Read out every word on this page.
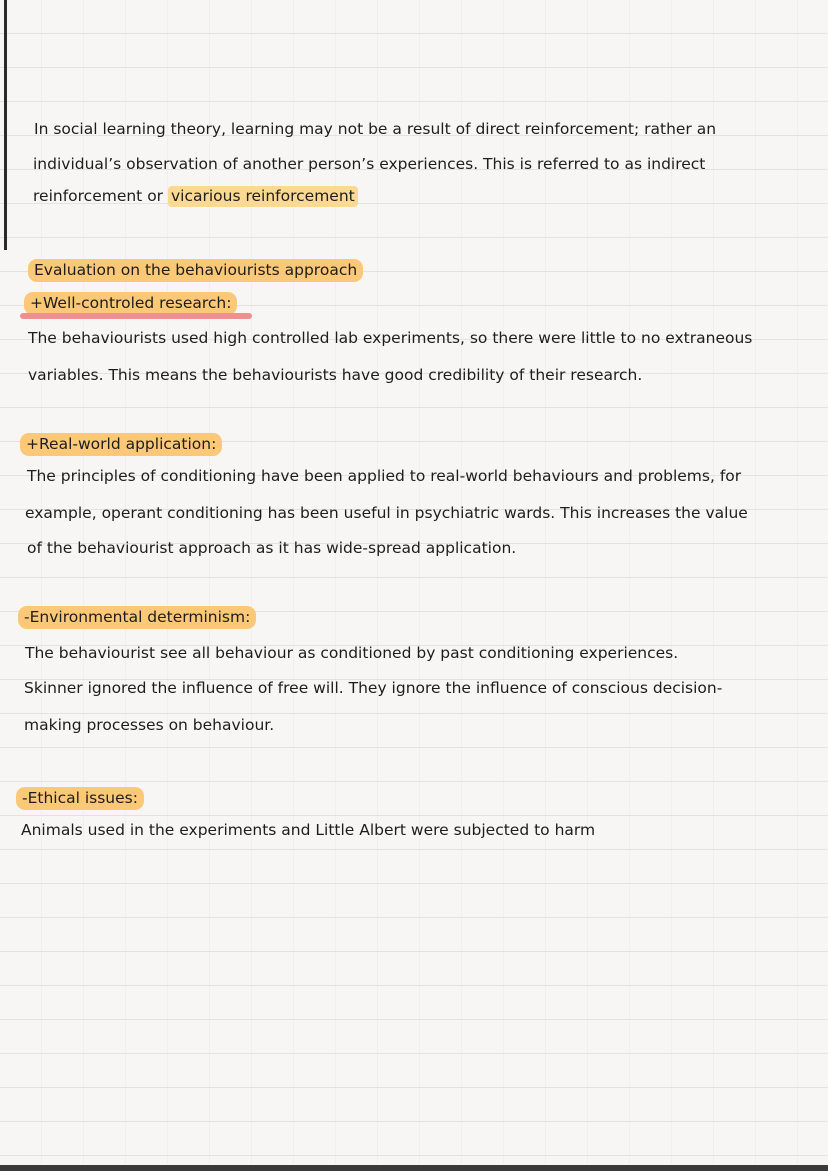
In social learning theory, learning may not be a result of direct reinforcement; rather an
individual’s observation of another person’s experiences. This is referred to as indirect
reinforcement or vicarious reinforcement
Evaluation on the behaviourists approach
+Well-controled research:
The behaviourists used high controlled lab experiments, so there were little to no extraneous
variables. This means the behaviourists have good credibility of their research.
+Real-world application:
The principles of conditioning have been applied to real-world behaviours and problems, for
example, operant conditioning has been useful in psychiatric wards. This increases the value
of the behaviourist approach as it has wide-spread application.
-Environmental determinism:
The behaviourist see all behaviour as conditioned by past conditioning experiences.
Skinner ignored the influence of free will. They ignore the influence of conscious decision-
making processes on behaviour.
-Ethical issues:
Animals used in the experiments and Little Albert were subjected to harm
